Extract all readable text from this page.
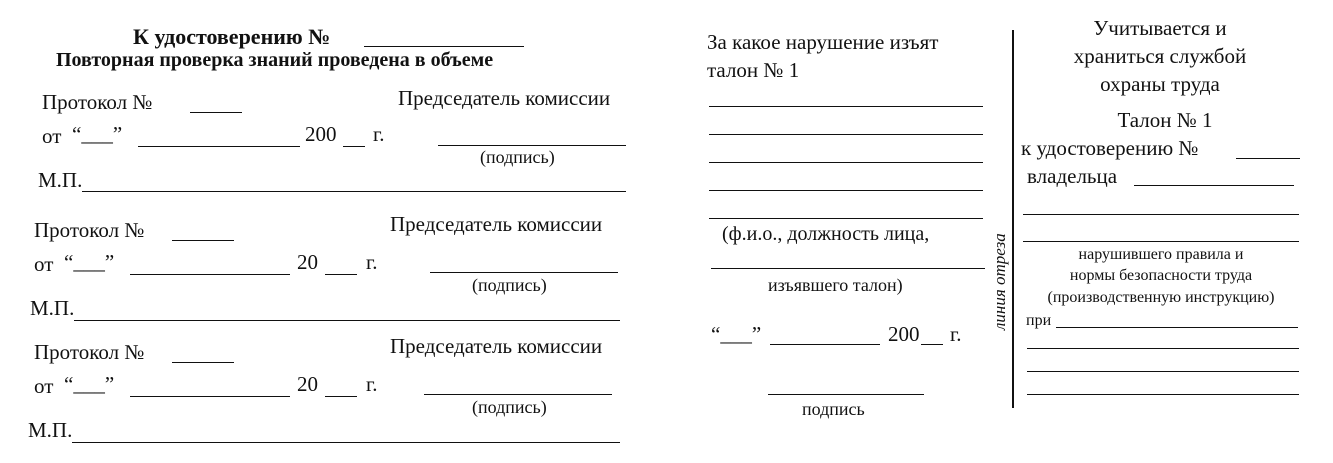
К удостоверению №
Повторная проверка знаний проведена в объеме
Протокол №	Председатель комиссии
от “___”	200 г.
(подпись)
М.П.
Протокол №	Председатель комиссии
от “___”	20 г.
(подпись)
М.П.
Протокол №	Председатель комиссии
от “___”	20 г.
(подпись)
М.П.
За какое нарушение изъят
талон № 1
(ф.и.о., должность лица,
изъявшего талон)
“___”	200 г.
подпись
линия отреза
Учитывается и
храниться службой
охраны труда
Талон № 1
к удостоверению №
владельца
нарушившего правила и
нормы безопасности труда
(производственную инструкцию)
при
